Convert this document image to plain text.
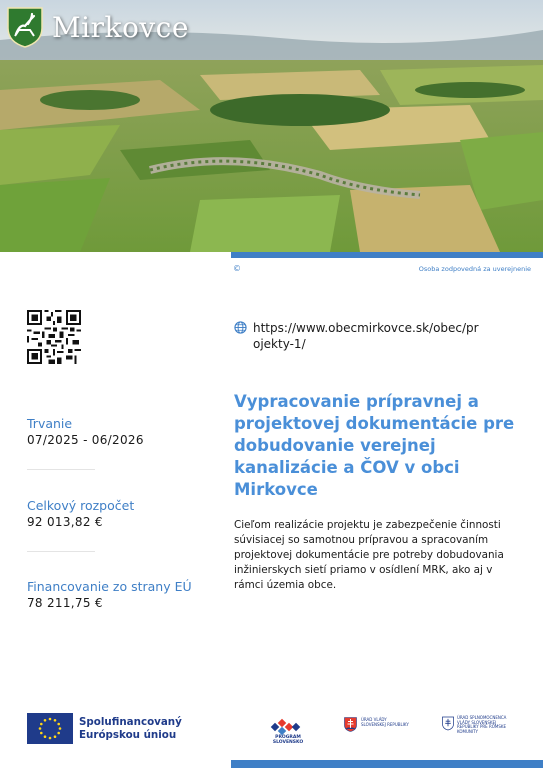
Mirkovce
©	Osoba zodpovedná za uverejnenie
Trvanie
07/2025 - 06/2026
Celkový rozpočet
92 013,82 €
Financovanie zo strany EÚ
78 211,75 €
https://www.obecmirkovce.sk/obec/projekty-1/
Vypracovanie prípravnej a projektovej dokumentácie pre dobudovanie verejnej kanalizácie a ČOV v obci Mirkovce
Cieľom realizácie projektu je zabezpečenie činnosti súvisiacej so samotnou prípravou a spracovaním projektovej dokumentácie pre potreby dobudovania inžinierskych sietí priamo v osídlení MRK, ako aj v rámci územia obce.
Spolufinancovaný Európskou úniou	PROGRAM SLOVENSKO
ÚRAD VLÁDY SLOVENSKEJ REPUBLIKY
ÚRAD SPLNOMOCNENCA VLÁDY SLOVENSKEJ REPUBLIKY PRE RÓMSKE KOMUNITY
